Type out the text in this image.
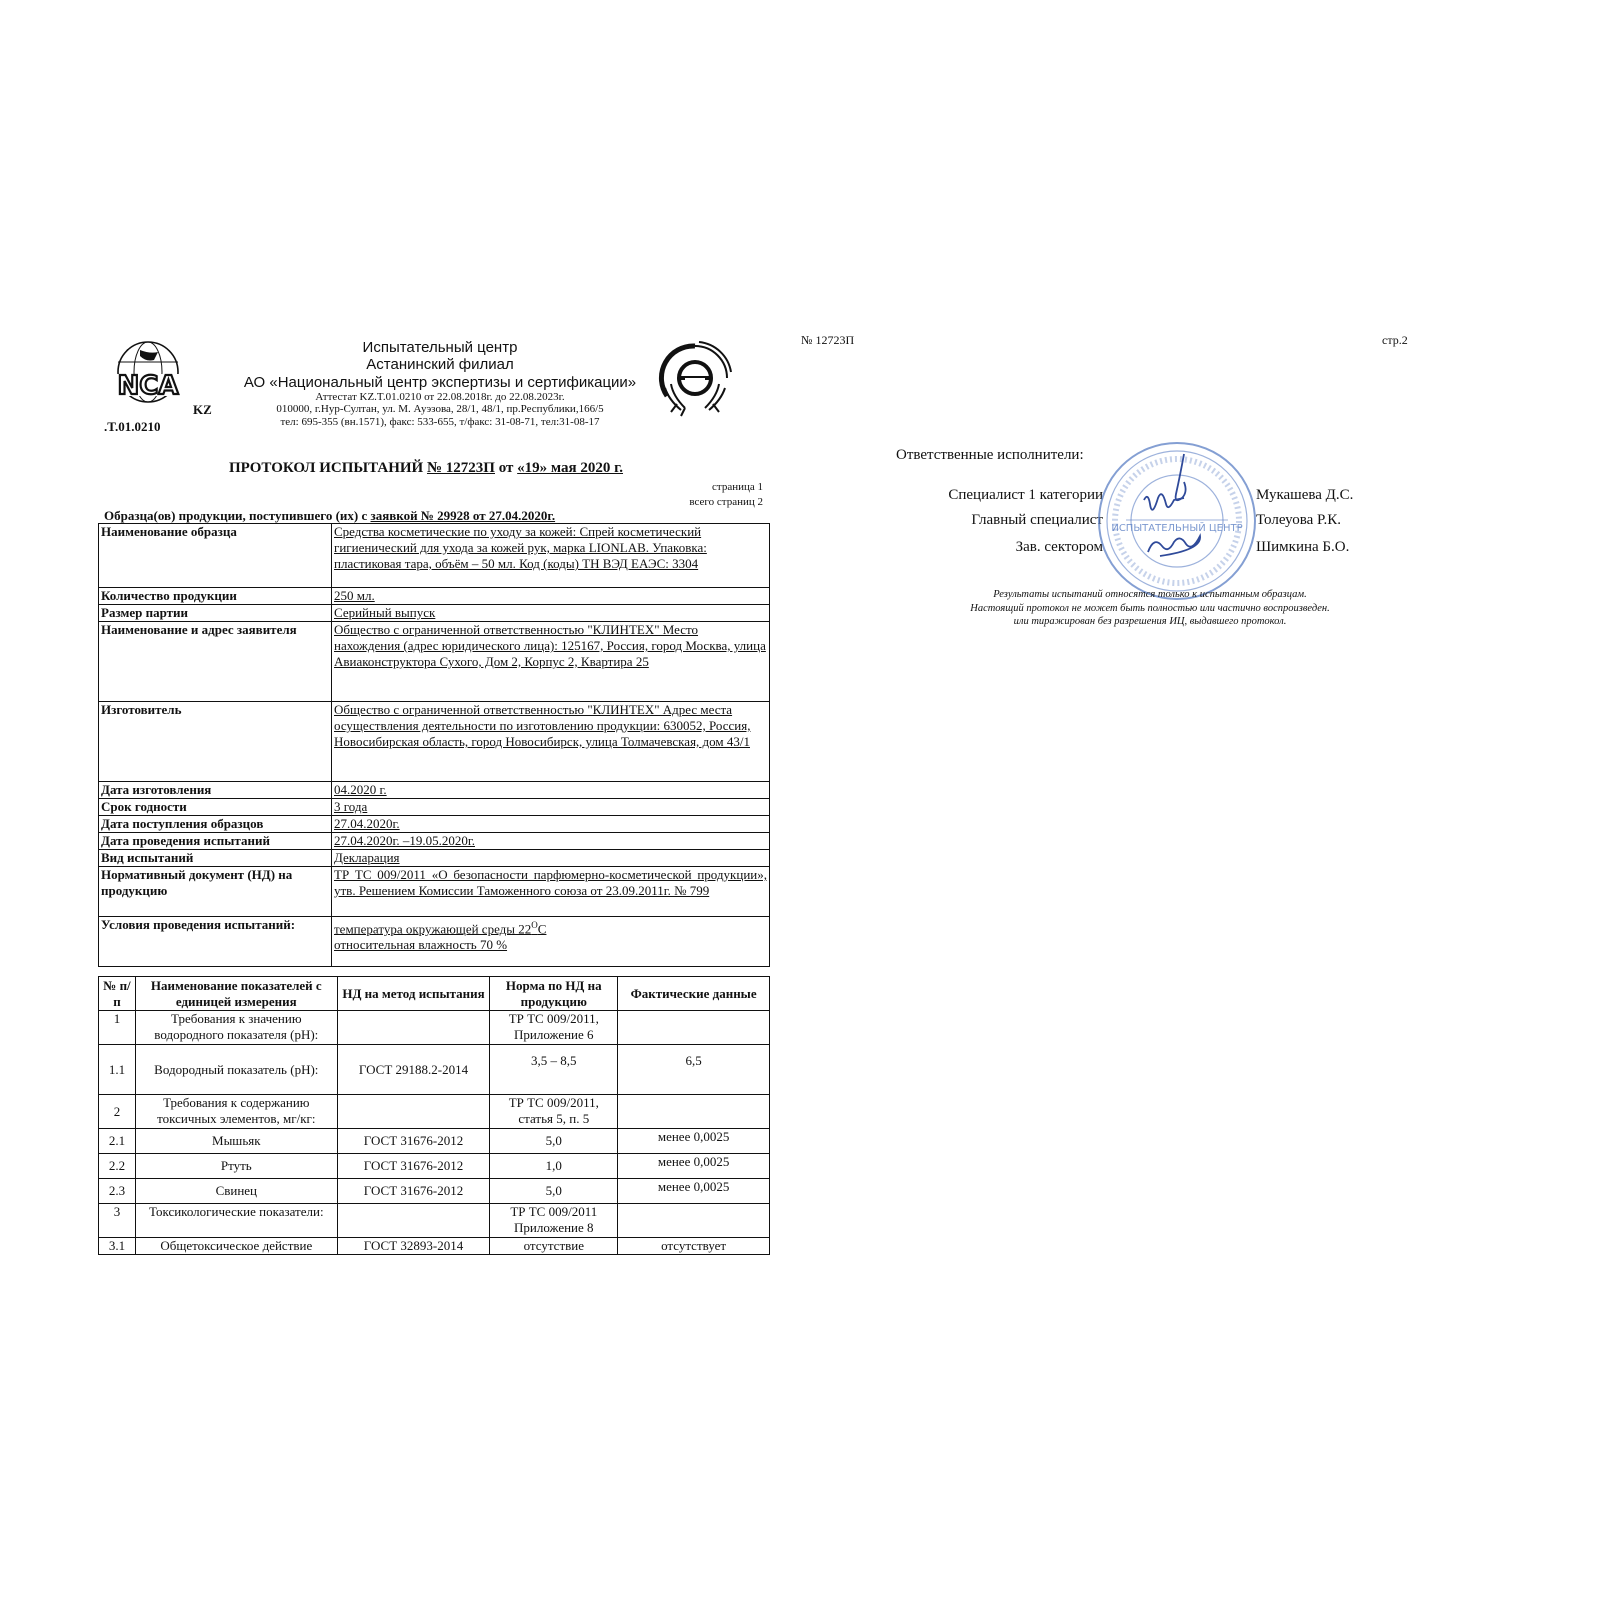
NCA
KZ
.T.01.0210
Испытательный центр
Астанинский филиал
АО «Национальный центр экспертизы и сертификации»
Аттестат KZ.T.01.0210 от 22.08.2018г. до 22.08.2023г.
010000, г.Нур-Султан, ул. М. Ауэзова, 28/1, 48/1, пр.Республики,166/5
тел: 695-355 (вн.1571), факс: 533-655, т/факс: 31-08-71, тел:31-08-17
ПРОТОКОЛ ИСПЫТАНИЙ № 12723П от «19» мая 2020 г.
страница 1
всего страниц 2
Образца(ов) продукции, поступившего (их) с заявкой № 29928 от 27.04.2020г.
Наименование образца	Средства косметические по уходу за кожей: Спрей косметический гигиенический для ухода за кожей рук, марка LIONLAB. Упаковка: пластиковая тара, объём – 50 мл. Код (коды) ТН ВЭД ЕАЭС: 3304
Количество продукции	250 мл.
Размер партии	Серийный выпуск
Наименование и адрес заявителя	Общество с ограниченной ответственностью "КЛИНТЕХ" Место нахождения (адрес юридического лица): 125167, Россия, город Москва, улица Авиаконструктора Сухого, Дом 2, Корпус 2, Квартира 25
Изготовитель	Общество с ограниченной ответственностью "КЛИНТЕХ" Адрес места осуществления деятельности по изготовлению продукции: 630052, Россия, Новосибирская область, город Новосибирск, улица Толмачевская, дом 43/1
Дата изготовления	04.2020 г.
Срок годности	3 года
Дата поступления образцов	27.04.2020г.
Дата проведения испытаний	27.04.2020г. –19.05.2020г.
Вид испытаний	Декларация
Нормативный документ (НД) на продукцию	ТР ТС 009/2011 «О безопасности парфюмерно-косметической продукции», утв. Решением Комиссии Таможенного союза от 23.09.2011г. № 799
Условия проведения испытаний:	температура окружающей среды $22^OC$
относительная влажность 70 %
№ п/п	Наименование показателей с единицей измерения	НД на метод испытания	Норма по НД на продукцию	Фактические данные
1	Требования к значению водородного показателя (pH):		ТР ТС 009/2011, Приложение 6	
1.1	Водородный показатель (pH):	ГОСТ 29188.2-2014	3,5 – 8,5	6,5
2	Требования к содержанию токсичных элементов, мг/кг:		ТР ТС 009/2011, статья 5, п. 5	
2.1	Мышьяк	ГОСТ 31676-2012	5,0	менее 0,0025
2.2	Ртуть	ГОСТ 31676-2012	1,0	менее 0,0025
2.3	Свинец	ГОСТ 31676-2012	5,0	менее 0,0025
3	Токсикологические показатели:		ТР ТС 009/2011 Приложение 8	
3.1	Общетоксическое действие	ГОСТ 32893-2014	отсутствие	отсутствует
№ 12723П	стр.2
Ответственные исполнители:
Специалист 1 категории	Мукашева Д.С.
Главный специалист	Толеуова Р.К.
Зав. сектором	Шимкина Б.О.
ИСПЫТАТЕЛЬНЫЙ ЦЕНТР
Результаты испытаний относятся только к испытанным образцам.
Настоящий протокол не может быть полностью или частично воспроизведен.
или тиражирован без разрешения ИЦ, выдавшего протокол.
